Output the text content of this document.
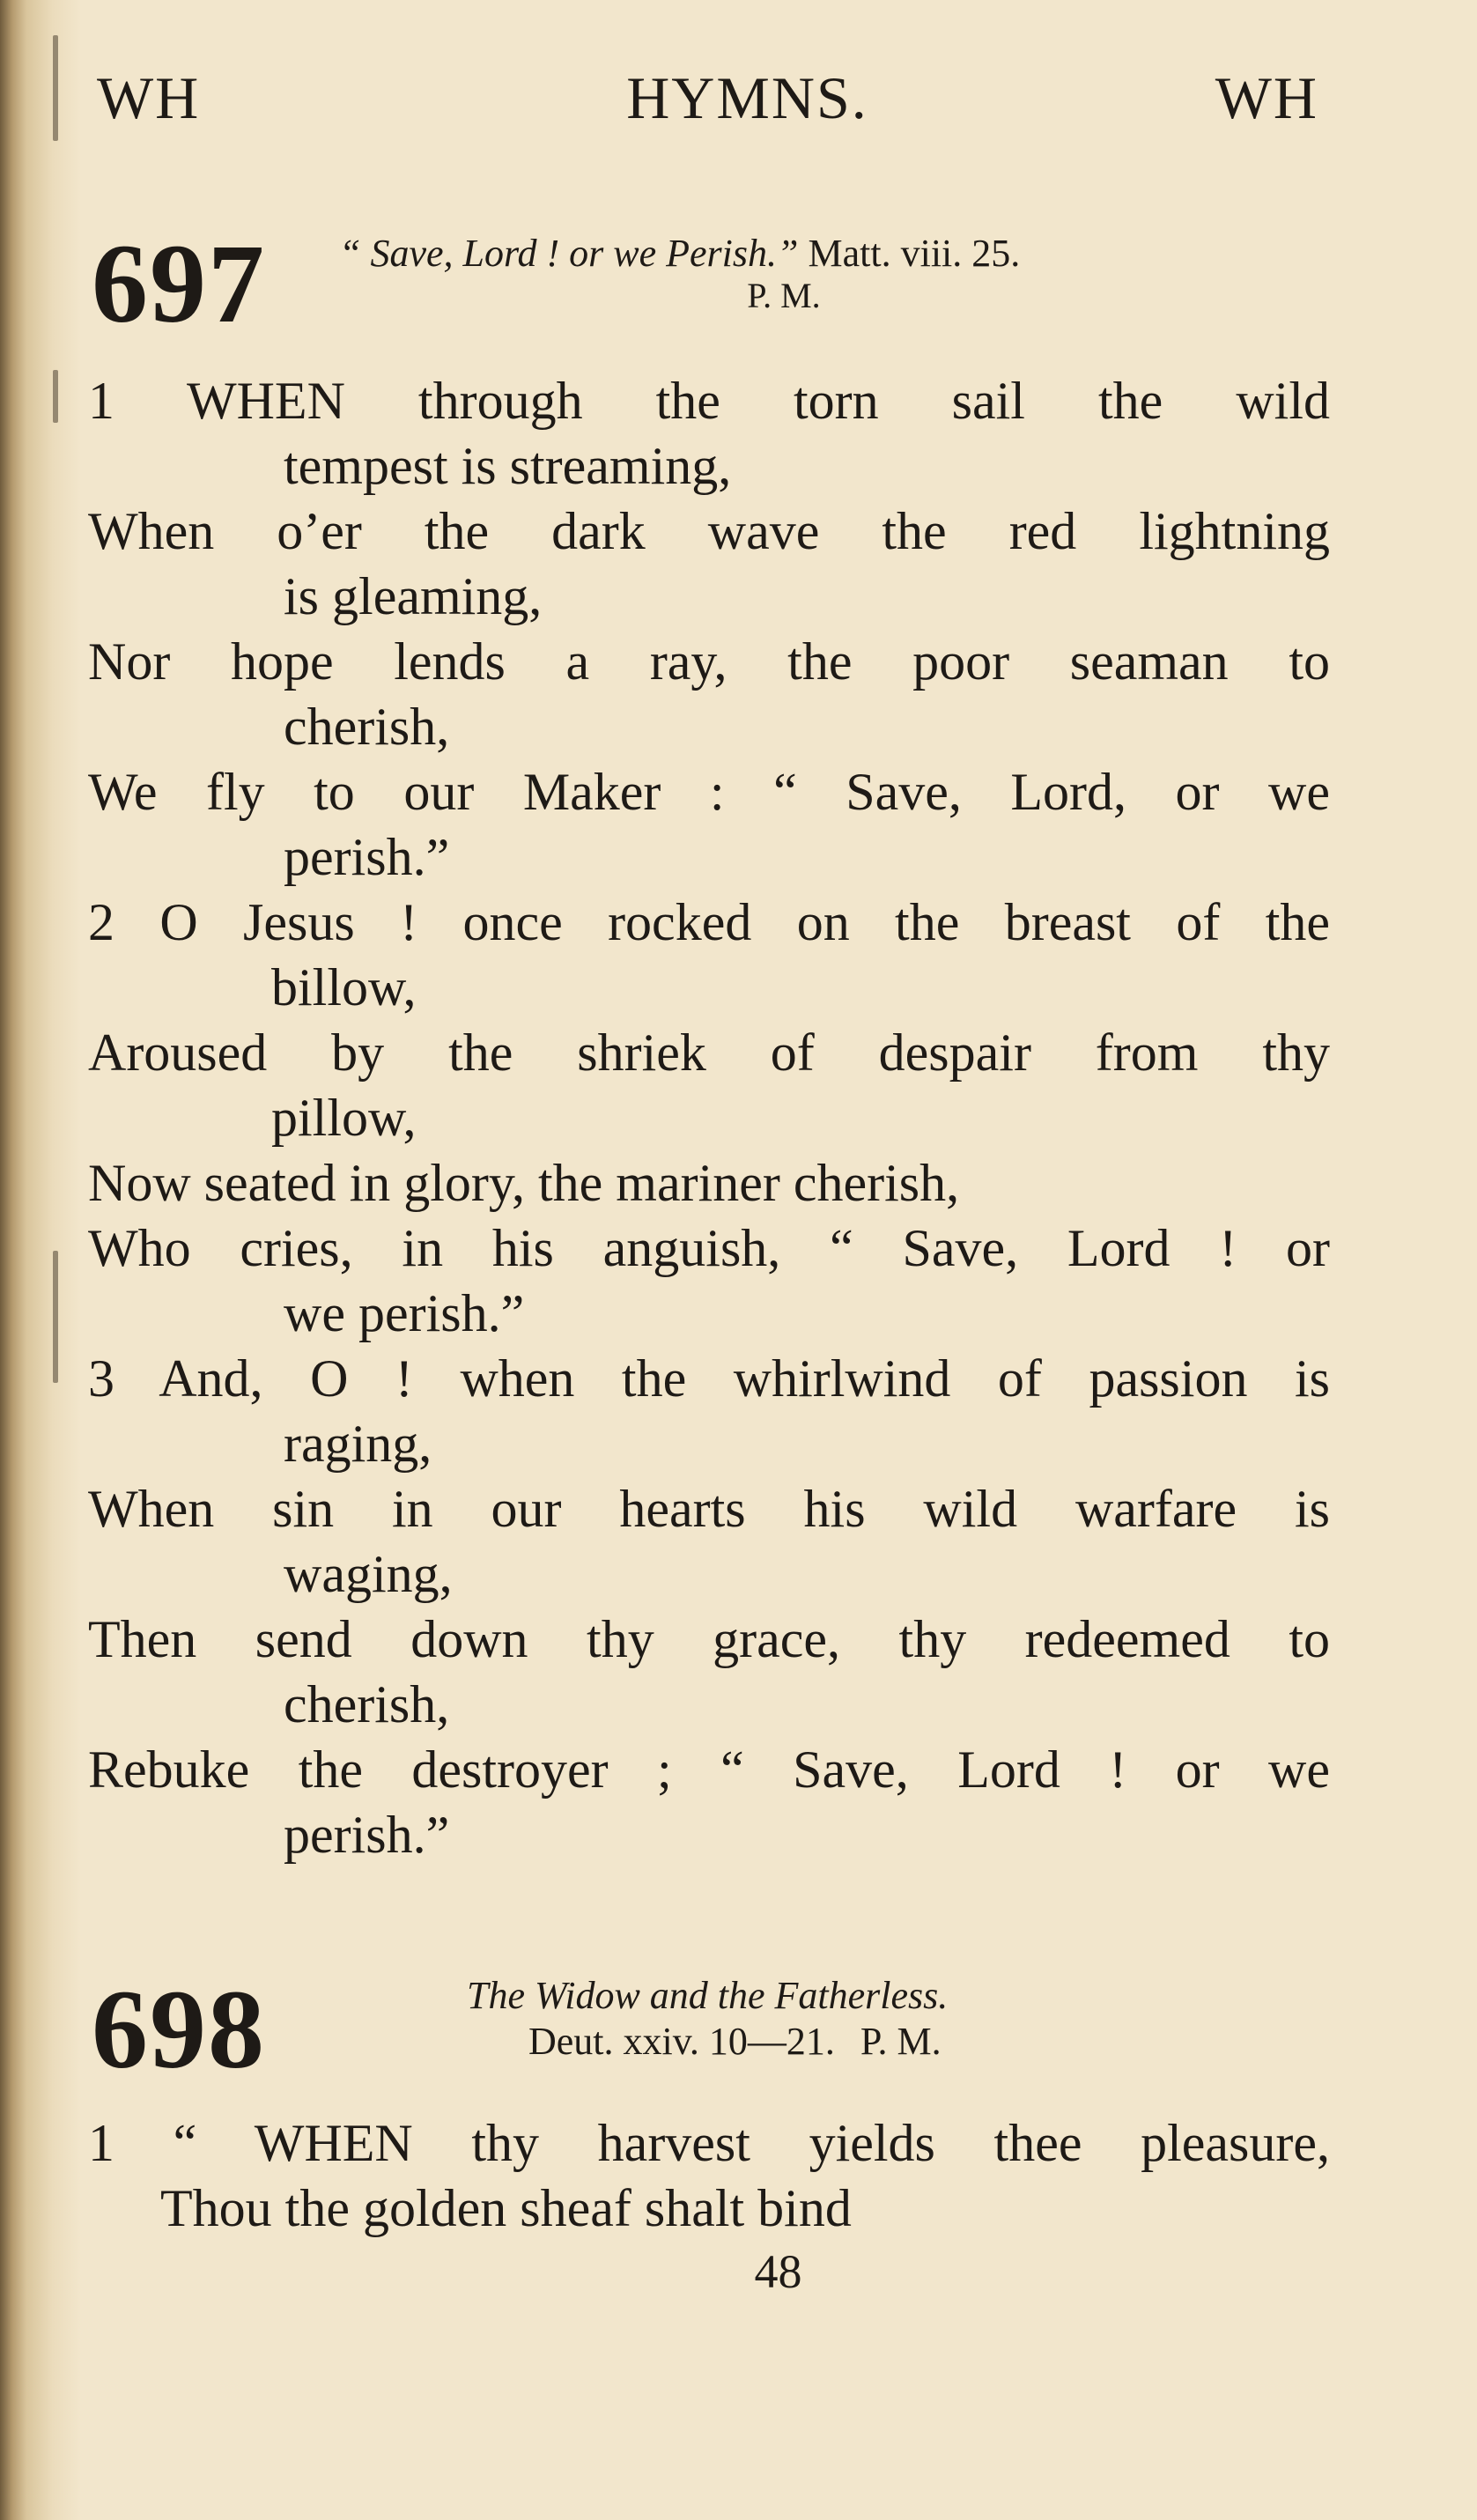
WH	HYMNS.	WH
697 “ Save, Lord ! or we Perish.” Matt. viii. 25.
P. M.
1 WHEN through the torn sail the wild
tempest is streaming,
When o’er the dark wave the red lightning
is gleaming,
Nor hope lends a ray, the poor seaman to
cherish,
We fly to our Maker : “ Save, Lord, or we
perish.”
2 O Jesus ! once rocked on the breast of the
billow,
Aroused by the shriek of despair from thy
pillow,
Now seated in glory, the mariner cherish,
Who cries, in his anguish, “ Save, Lord ! or
we perish.”
3 And, O ! when the whirlwind of passion is
raging,
When sin in our hearts his wild warfare is
waging,
Then send down thy grace, thy redeemed to
cherish,
Rebuke the destroyer ; “ Save, Lord ! or we
perish.”
698	The Widow and the Fatherless.
Deut. xxiv. 10—21. P. M.
1 “ WHEN thy harvest yields thee pleasure,
Thou the golden sheaf shalt bind
48
